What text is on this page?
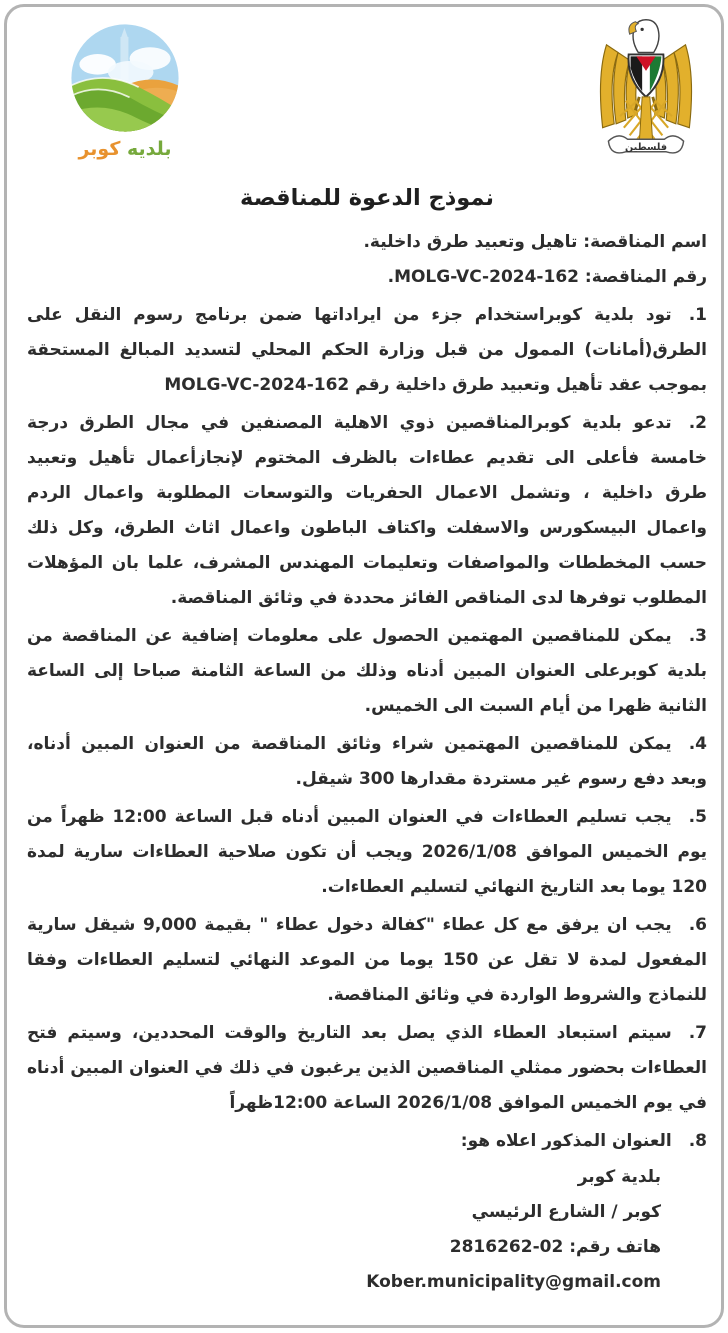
بلديه كوبر	فلسطين
نموذج الدعوة للمناقصة

اسم المناقصة: تاهيل وتعبيد طرق داخلية.

رقم المناقصة: MOLG-VC-2024-162.

1.تود بلدية كوبراستخدام جزء من ايراداتها ضمن برنامج رسوم النقل على الطرق(أمانات) الممول من قبل وزارة الحكم المحلي لتسديد المبالغ المستحقة بموجب عقد تأهيل وتعبيد طرق داخلية رقم MOLG-VC-2024-162

2.تدعو بلدية كوبرالمناقصين ذوي الاهلية المصنفين في مجال الطرق درجة خامسة فأعلى الى تقديم عطاءات بالظرف المختوم لإنجازأعمال تأهيل وتعبيد طرق داخلية ، وتشمل الاعمال الحفريات والتوسعات المطلوبة واعمال الردم واعمال البيسكورس والاسفلت واكتاف الباطون واعمال اثاث الطرق، وكل ذلك حسب المخططات والمواصفات وتعليمات المهندس المشرف، علما بان المؤهلات المطلوب توفرها لدى المناقص الفائز محددة في وثائق المناقصة.

3.يمكن للمناقصين المهتمين الحصول على معلومات إضافية عن المناقصة من بلدية كوبرعلى العنوان المبين أدناه وذلك من الساعة الثامنة صباحا إلى الساعة الثانية ظهرا من أيام السبت الى الخميس.

4.يمكن للمناقصين المهتمين شراء وثائق المناقصة من العنوان المبين أدناه، وبعد دفع رسوم غير مستردة مقدارها 300 شيقل.

5.يجب تسليم العطاءات في العنوان المبين أدناه قبل الساعة 12:00 ظهراً من يوم الخميس الموافق 2026/1/08 ويجب أن تكون صلاحية العطاءات سارية لمدة 120 يوما بعد التاريخ النهائي لتسليم العطاءات.

6.يجب ان يرفق مع كل عطاء "كفالة دخول عطاء " بقيمة 9,000 شيقل سارية المفعول لمدة لا تقل عن 150 يوما من الموعد النهائي لتسليم العطاءات وفقا للنماذج والشروط الواردة في وثائق المناقصة.

7.سيتم استبعاد العطاء الذي يصل بعد التاريخ والوقت المحددين، وسيتم فتح العطاءات بحضور ممثلي المناقصين الذين يرغبون في ذلك في العنوان المبين أدناه في يوم الخميس الموافق 2026/1/08 الساعة 12:00ظهراً

8.العنوان المذكور اعلاه هو:

بلدية كوبر

كوبر / الشارع الرئيسي

هاتف رقم: 02-2816262

Kober.municipality@gmail.com
